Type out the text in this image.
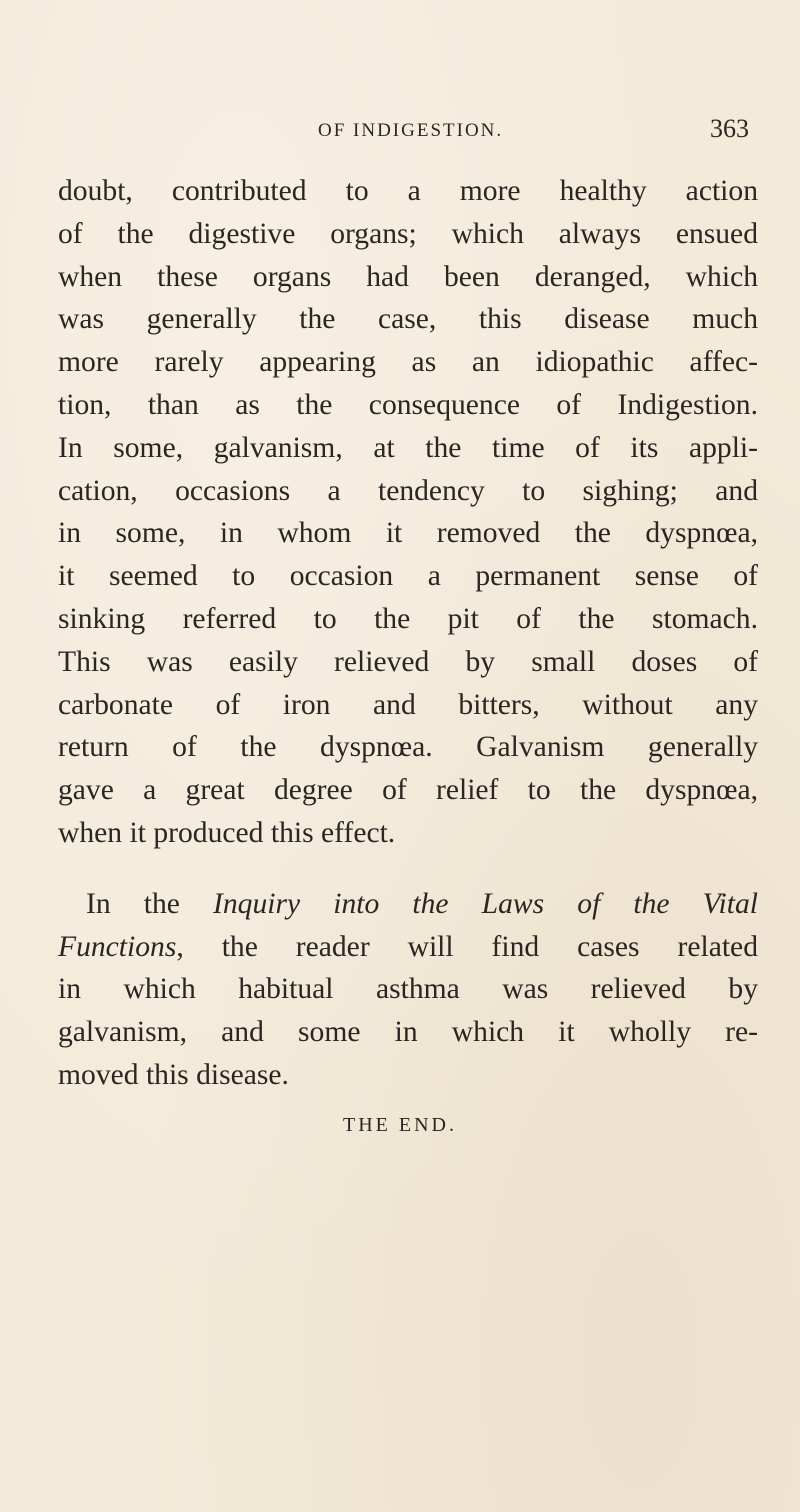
OF INDIGESTION.	363
doubt, contributed to a more healthy action
of the digestive organs; which always ensued
when these organs had been deranged, which
was generally the case, this disease much
more rarely appearing as an idiopathic affec-
tion, than as the consequence of Indigestion.
In some, galvanism, at the time of its appli-
cation, occasions a tendency to sighing; and
in some, in whom it removed the dyspnœa,
it seemed to occasion a permanent sense of
sinking referred to the pit of the stomach.
This was easily relieved by small doses of
carbonate of iron and bitters, without any
return of the dyspnœa. Galvanism generally
gave a great degree of relief to the dyspnœa,
when it produced this effect.
In the Inquiry into the Laws of the Vital
Functions, the reader will find cases related
in which habitual asthma was relieved by
galvanism, and some in which it wholly re-
moved this disease.
THE END.
